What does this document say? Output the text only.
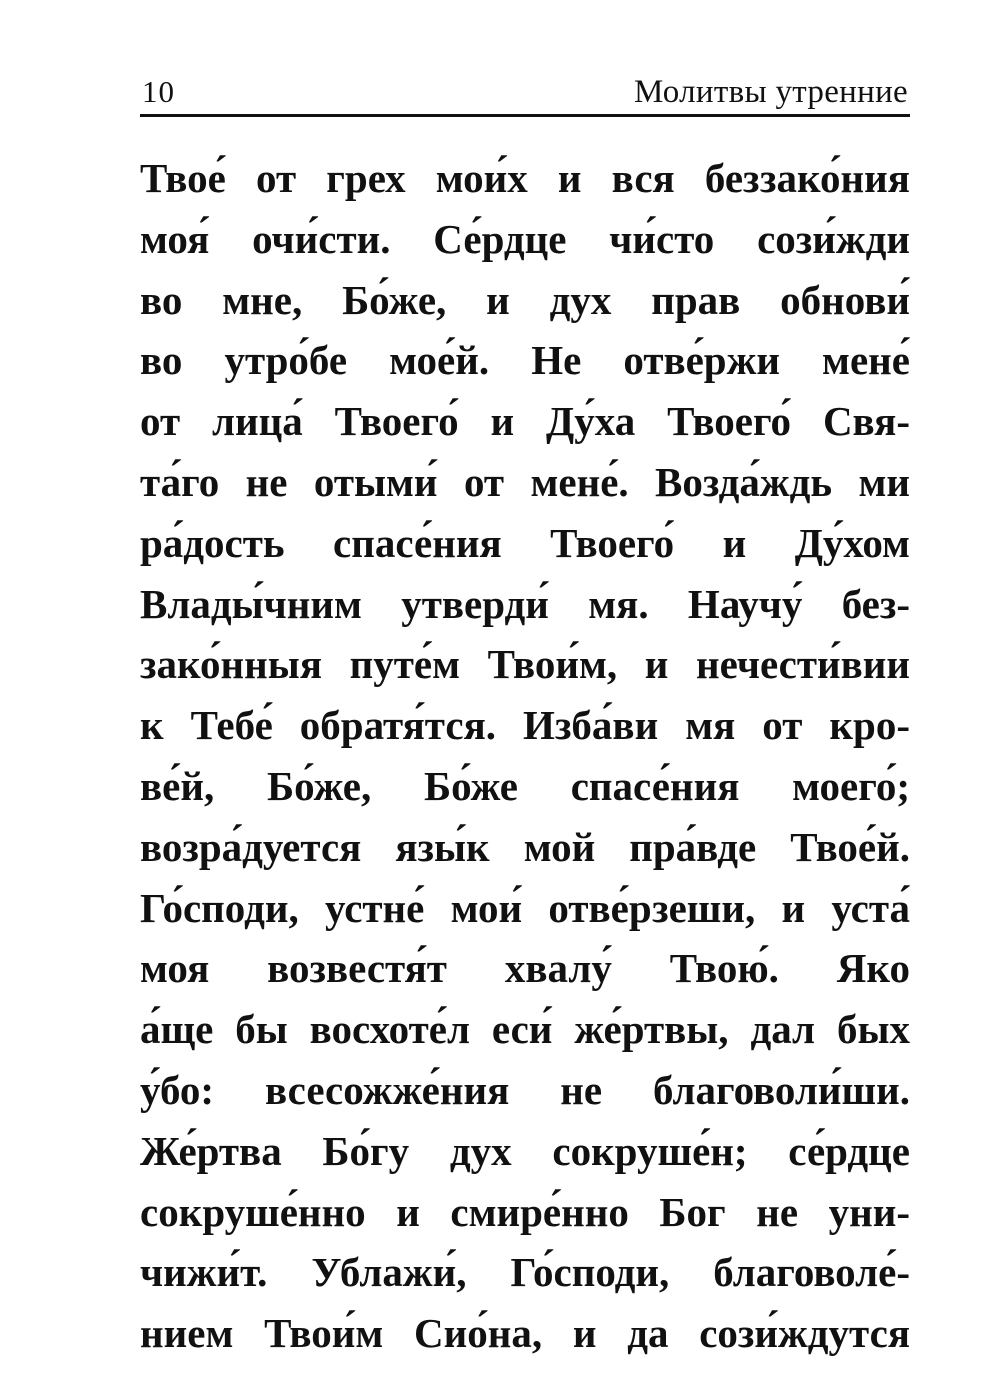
10	Молитвы утренние
Твое́ от грех мои́х и вся беззако́ния
моя́ очи́сти. Се́рдце чи́сто сози́жди
во мне, Бо́же, и дух прав обнови́
во утро́бе мое́й. Не отве́ржи мене́
от лица́ Твоего́ и Ду́ха Твоего́ Свя-
та́го не отыми́ от мене́. Возда́ждь ми
ра́дость спасе́ния Твоего́ и Ду́хом
Влады́чним утверди́ мя. Научу́ без-
зако́нныя путе́м Твои́м, и нечести́вии
к Тебе́ обратя́тся. Изба́ви мя от кро-
ве́й, Бо́же, Бо́же спасе́ния моего́;
возра́дуется язы́к мой пра́вде Твое́й.
Го́споди, устне́ мои́ отве́рзеши, и уста́
моя возвестя́т хвалу́ Твою́. Яко
а́ще бы восхоте́л еси́ же́ртвы, дал бых
у́бо: всесожже́ния не благоволи́ши.
Же́ртва Бо́гу дух сокруше́н; се́рдце
сокруше́нно и смире́нно Бог не уни-
чижи́т. Ублажи́, Го́споди, благоволе́-
нием Твои́м Сио́на, и да сози́ждутся
